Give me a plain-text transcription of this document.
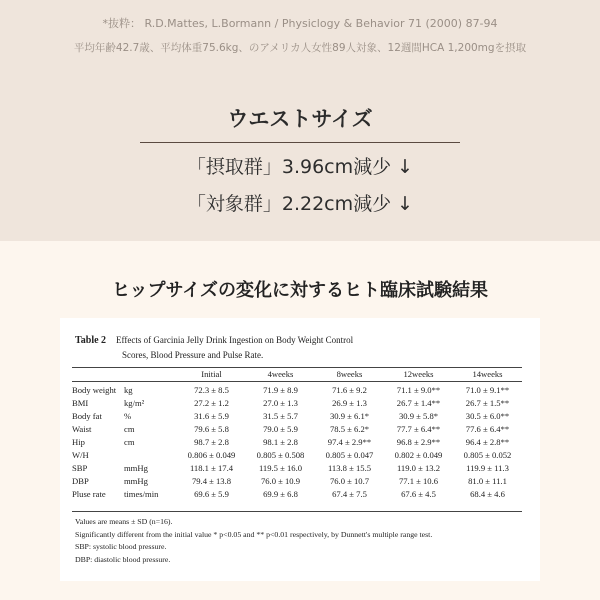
*抜粋： R.D.Mattes, L.Bormann / Physiclogy & Behavior 71 (2000) 87-94
平均年齢42.7歳、平均体重75.6kg、のアメリカ人女性89人対象、12週間HCA 1,200mgを摂取
ウエストサイズ
「摂取群」3.96cm減少 ↓
「対象群」2.22cm減少 ↓
ヒップサイズの変化に対するヒト臨床試験結果
Table 2 Effects of Garcinia Jelly Drink Ingestion on Body Weight Control
Scores, Blood Pressure and Pulse Rate.
		Initial	4weeks	8weeks	12weeks	14weeks
Body weight	kg	72.3 ± 8.5	71.9 ± 8.9	71.6 ± 9.2	71.1 ± 9.0**	71.0 ± 9.1**
BMI	kg/m²	27.2 ± 1.2	27.0 ± 1.3	26.9 ± 1.3	26.7 ± 1.4**	26.7 ± 1.5**
Body fat	%	31.6 ± 5.9	31.5 ± 5.7	30.9 ± 6.1*	30.9 ± 5.8*	30.5 ± 6.0**
Waist	cm	79.6 ± 5.8	79.0 ± 5.9	78.5 ± 6.2*	77.7 ± 6.4**	77.6 ± 6.4**
Hip	cm	98.7 ± 2.8	98.1 ± 2.8	97.4 ± 2.9**	96.8 ± 2.9**	96.4 ± 2.8**
W/H		0.806 ± 0.049	0.805 ± 0.508	0.805 ± 0.047	0.802 ± 0.049	0.805 ± 0.052
SBP	mmHg	118.1 ± 17.4	119.5 ± 16.0	113.8 ± 15.5	119.0 ± 13.2	119.9 ± 11.3
DBP	mmHg	79.4 ± 13.8	76.0 ± 10.9	76.0 ± 10.7	77.1 ± 10.6	81.0 ± 11.1
Pluse rate	times/min	69.6 ± 5.9	69.9 ± 6.8	67.4 ± 7.5	67.6 ± 4.5	68.4 ± 4.6
Values are means ± SD (n=16).
Significantly different from the initial value * p<0.05 and ** p<0.01 respectively, by Dunnett's multiple range test.
SBP: systolic blood pressure.
DBP: diastolic blood pressure.
